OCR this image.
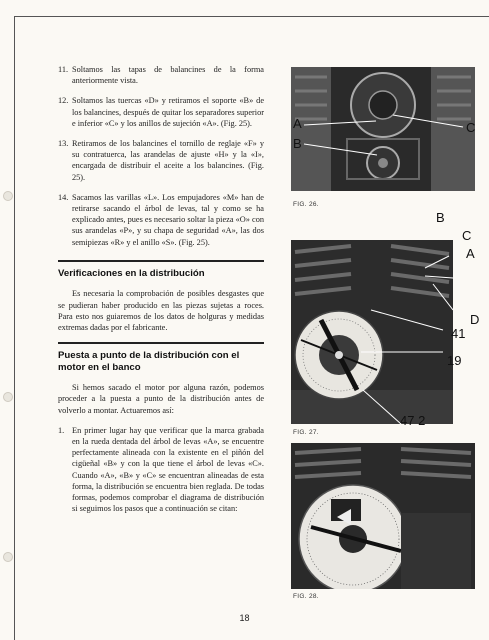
11. Soltamos las tapas de balancines de la forma anteriormente vista.
12. Soltamos las tuercas «D» y retiramos el soporte «B» de los balancines, después de quitar los separadores superior e inferior «C» y los anillos de sujeción «A». (Fig. 25).
13. Retiramos de los balancines el tornillo de reglaje «F» y su contratuerca, las arandelas de ajuste «H» y la «I», encargada de distribuir el aceite a los balancines. (Fig. 25).
14. Sacamos las varillas «L». Los empujadores «M» han de retirarse sacando el árbol de levas, tal y como se ha explicado antes, pues es necesario soltar la pieza «O» con sus arandelas «P», y su chapa de seguridad «A», las dos semipiezas «R» y el anillo «S». (Fig. 25).
Verificaciones en la distribución
Es necesaria la comprobación de posibles desgastes que se pudieran haber producido en las piezas sujetas a roces. Para esto nos guiaremos de los datos de holguras y medidas extremas dadas por el fabricante.
Puesta a punto de la distribución con el motor en el banco
Si hemos sacado el motor por alguna razón, podemos proceder a la puesta a punto de la distribución antes de volverlo a montar. Actuaremos así:
1. En primer lugar hay que verificar que la marca grabada en la rueda dentada del árbol de levas «A», se encuentre perfectamente alineada con la existente en el piñón del cigüeñal «B» y con la que tiene el árbol de levas «C». Cuando «A», «B» y «C» se encuentran alineadas de esta forma, la distribución se encuentra bien reglada. De todas formas, podemos comprobar el diagrama de distribución si seguimos los pasos que a continuación se citan:
A
B
C
FIG. 26.
B
C
A
D
41
19
47 2
FIG. 27.
FIG. 28.
18
